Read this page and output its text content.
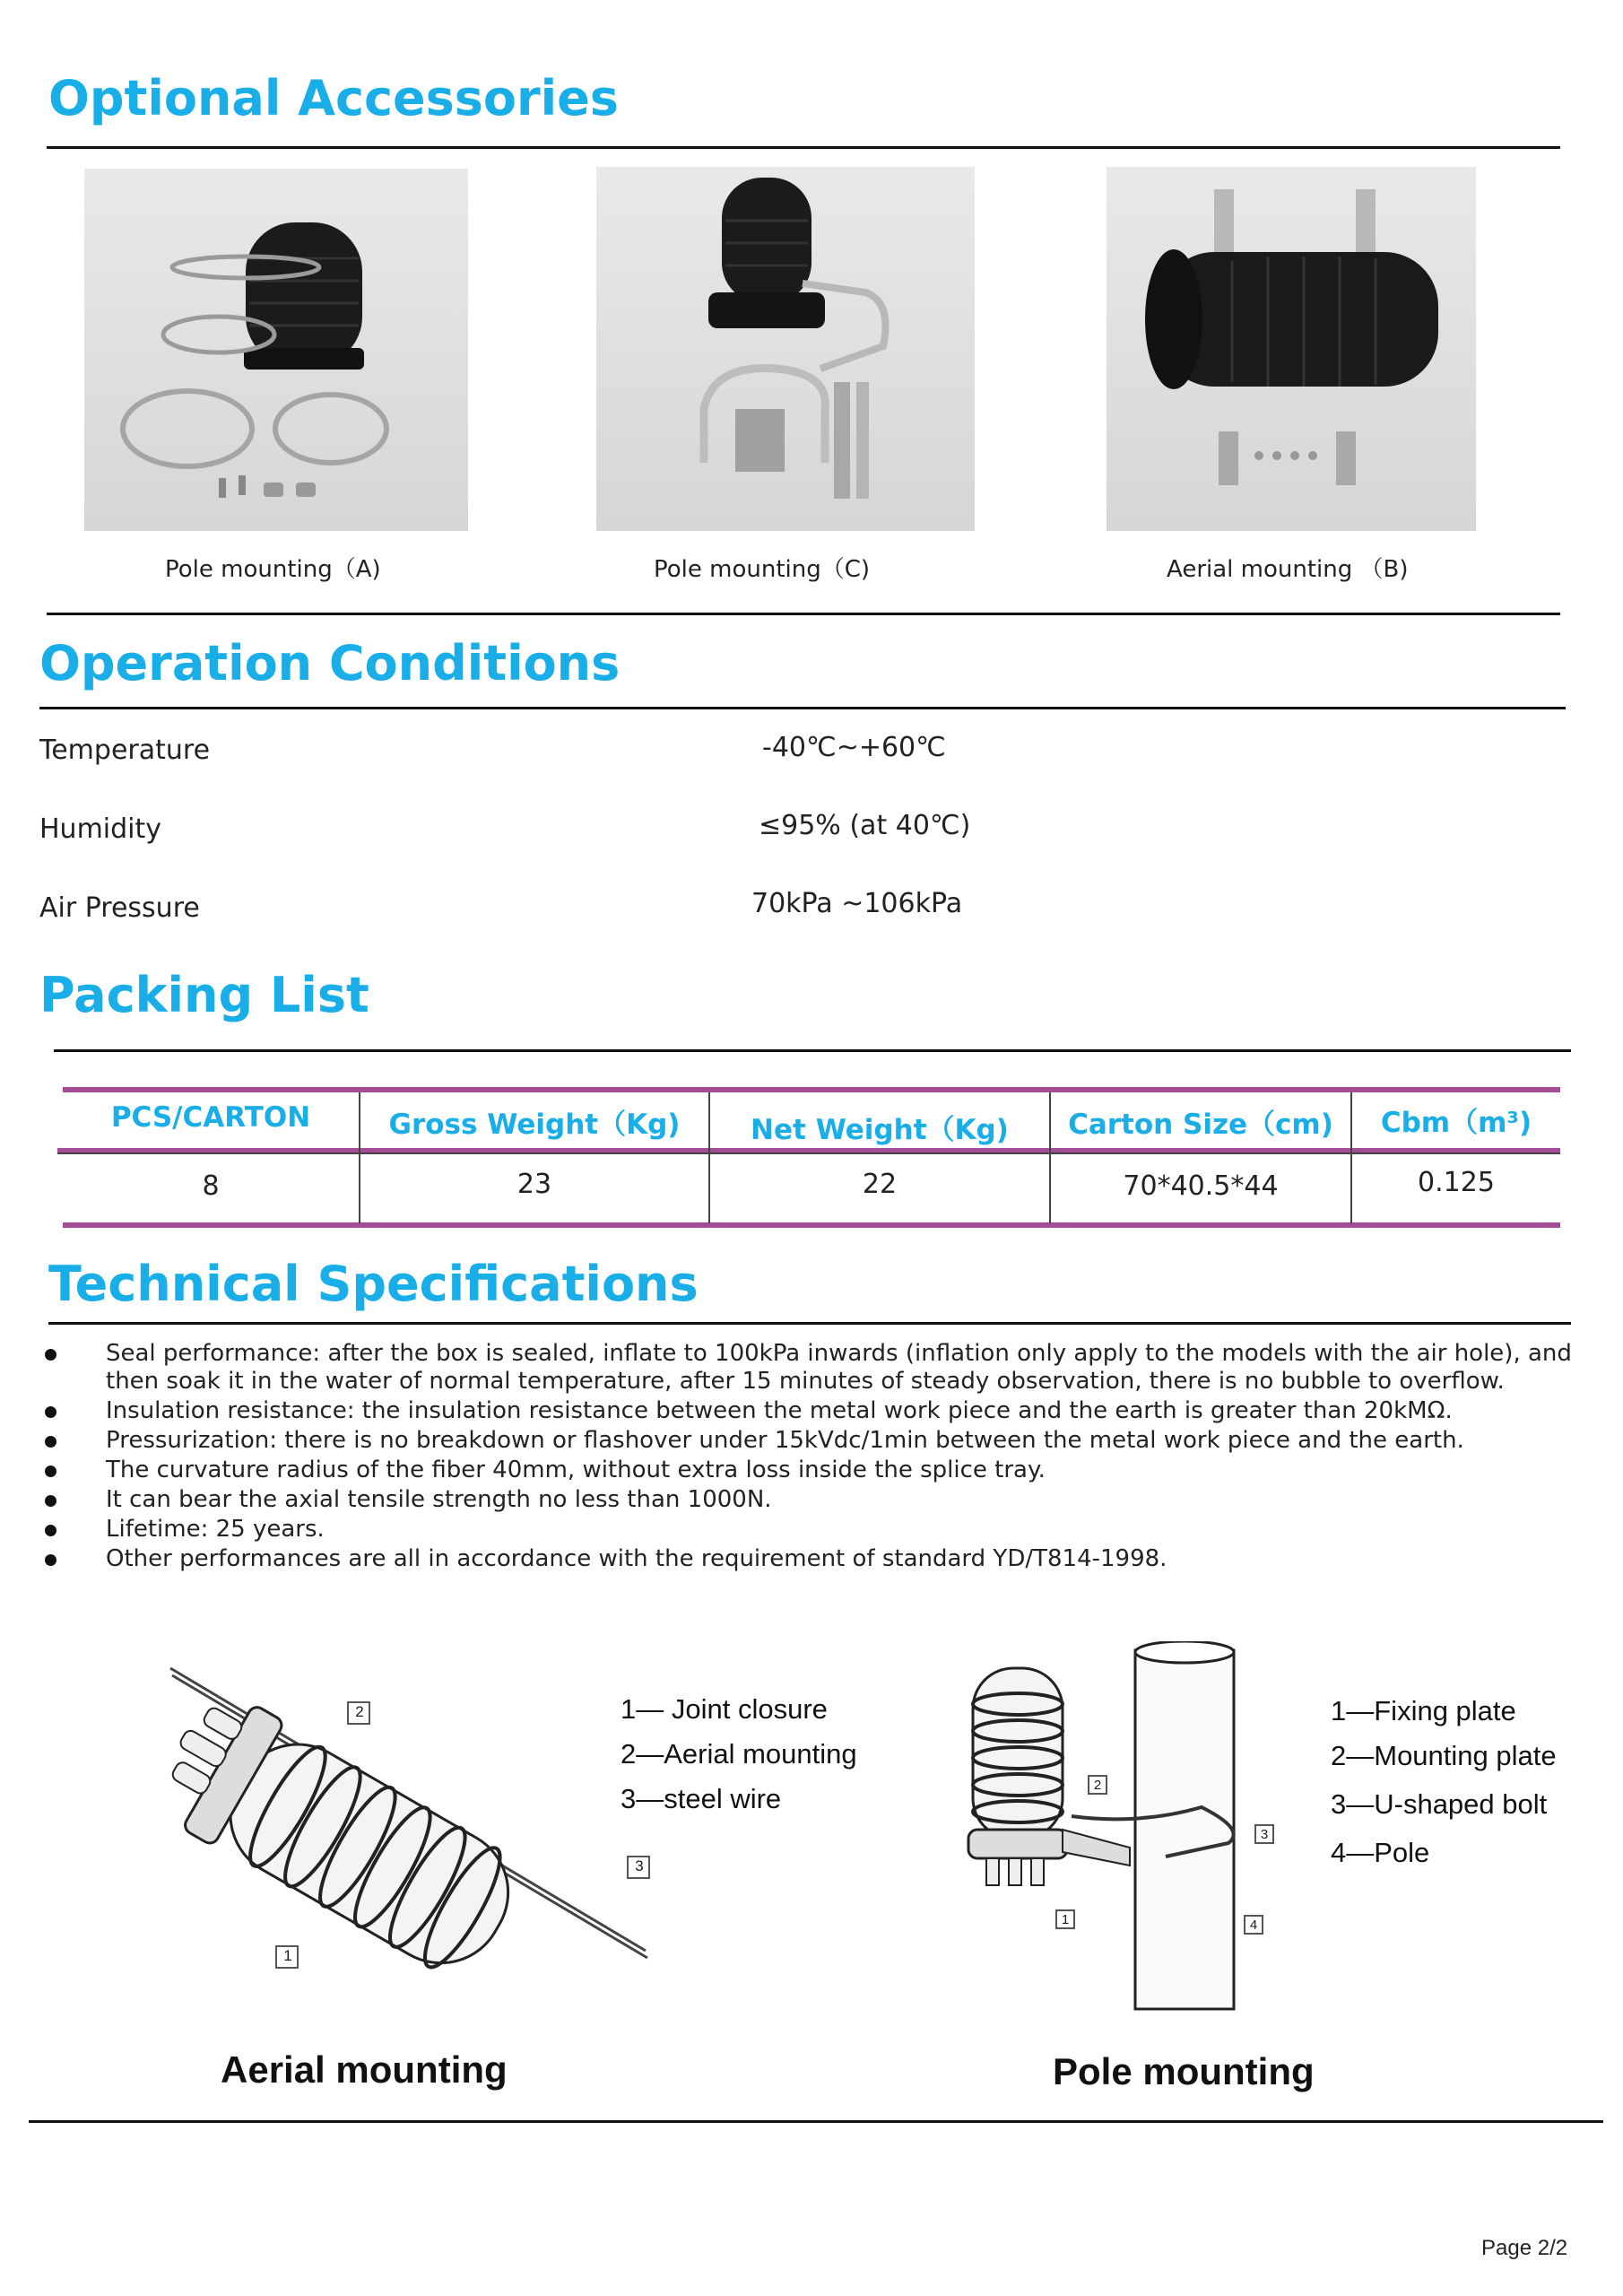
Optional Accessories
Pole mounting（A)	Pole mounting（C)	Aerial mounting （B)
Operation Conditions
Temperature	-40℃~+60℃
Humidity	≤95% (at 40℃)
Air Pressure	70kPa ~106kPa
Packing List
PCS/CARTON	Gross Weight（Kg)	Net Weight（Kg)	Carton Size（cm)	Cbm（m³)
8	23	22	70*40.5*44	0.125
Technical Specifications
Seal performance: after the box is sealed, inflate to 100kPa inwards (inflation only apply to the models with the air hole), and then soak it in the water of normal temperature, after 15 minutes of steady observation, there is no bubble to overflow.
Insulation resistance: the insulation resistance between the metal work piece and the earth is greater than 20kMΩ.
Pressurization: there is no breakdown or flashover under 15kVdc/1min between the metal work piece and the earth.
The curvature radius of the fiber 40mm, without extra loss inside the splice tray.
It can bear the axial tensile strength no less than 1000N.
Lifetime: 25 years.
Other performances are all in accordance with the requirement of standard YD/T814-1998.
2
1
3
1— Joint closure
2—Aerial mounting
3—steel wire
Aerial mounting
2
1
3
4
1—Fixing plate
2—Mounting plate
3—U-shaped bolt
4—Pole
Pole mounting
Page 2/2
